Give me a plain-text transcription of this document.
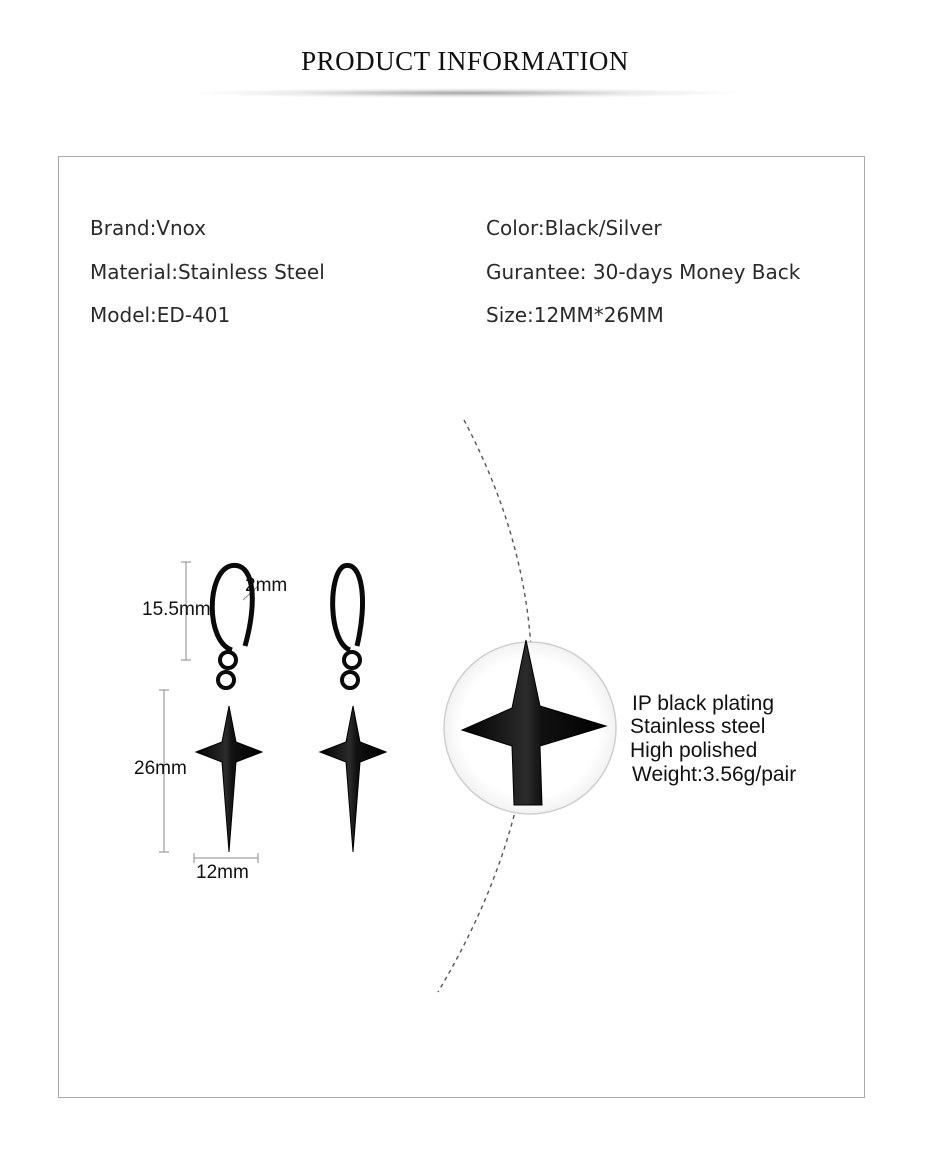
PRODUCT INFORMATION
Brand:Vnox
Material:Stainless Steel
Model:ED-401
Color:Black/Silver
Gurantee: 30-days Money Back
Size:12MM*26MM
15.5mm
2mm
26mm
12mm
IP black plating
Stainless steel
High polished
Weight:3.56g/pair
